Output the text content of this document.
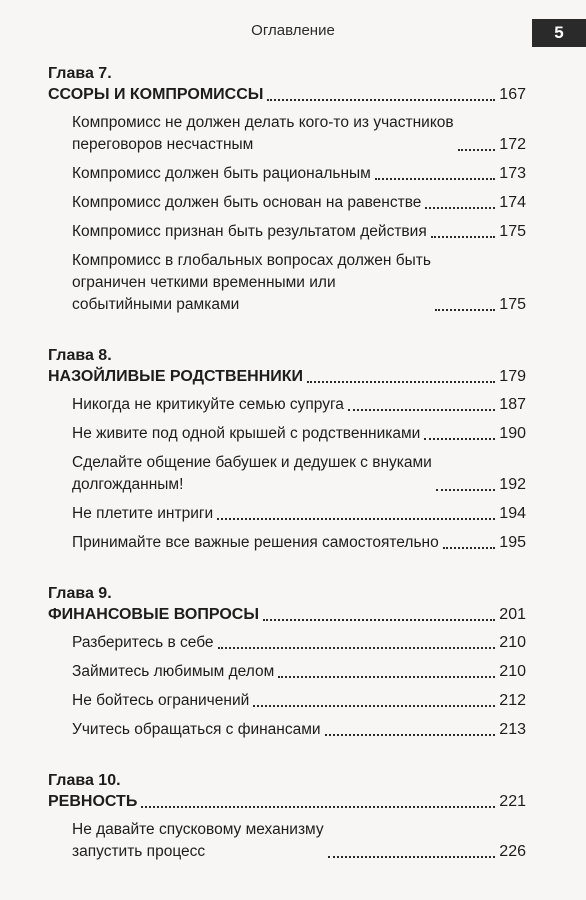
Оглавление	5
Глава 7.
ССОРЫ И КОМПРОМИССЫ	167
Компромисс не должен делать кого-то из участников
переговоров несчастным	172
Компромисс должен быть рациональным	173
Компромисс должен быть основан на равенстве	174
Компромисс признан быть результатом действия	175
Компромисс в глобальных вопросах должен быть
ограничен четкими временными или
событийными рамками	175
Глава 8.
НАЗОЙЛИВЫЕ РОДСТВЕННИКИ	179
Никогда не критикуйте семью супруга	187
Не живите под одной крышей с родственниками	190
Сделайте общение бабушек и дедушек с внуками
долгожданным!	192
Не плетите интриги	194
Принимайте все важные решения самостоятельно	195
Глава 9.
ФИНАНСОВЫЕ ВОПРОСЫ	201
Разберитесь в себе	210
Займитесь любимым делом	210
Не бойтесь ограничений	212
Учитесь обращаться с финансами	213
Глава 10.
РЕВНОСТЬ	221
Не давайте спусковому механизму
запустить процесс	226
